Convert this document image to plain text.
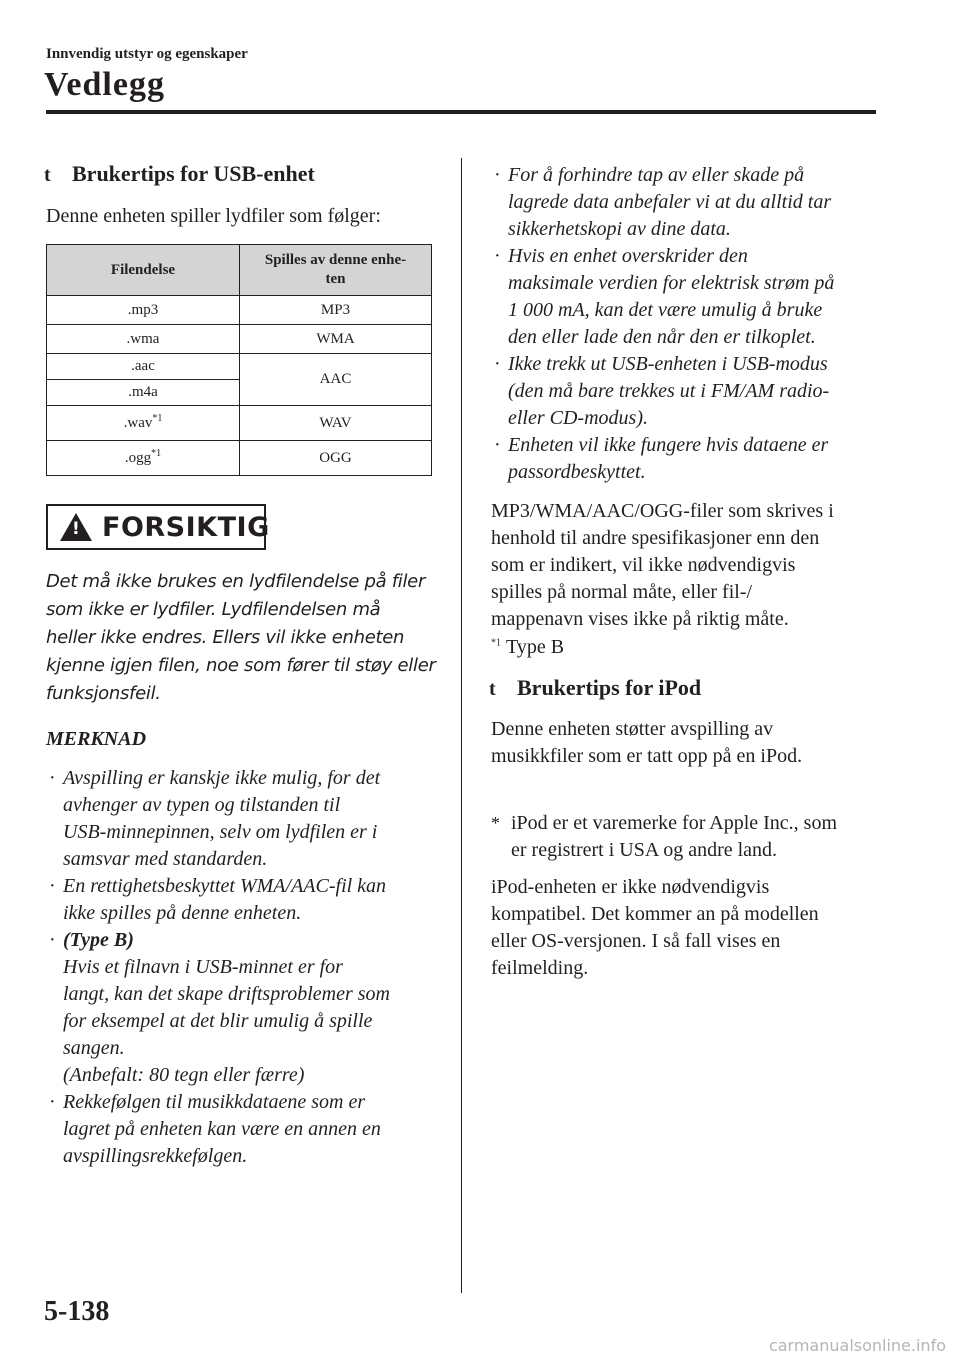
Innvendig utstyr og egenskaper
Vedlegg
t Brukertips for USB-enhet
Denne enheten spiller lydfiler som følger:
Filendelse	Spilles av denne enhe-
ten
.mp3	MP3
.wma	WMA
.aac	AAC
.m4a	
.wav$^{*1}$	WAV
.ogg$^{*1}$	OGG
! FORSIKTIG
Det må ikke brukes en lydfilendelse på filer
som ikke er lydfiler. Lydfilendelsen må
heller ikke endres. Ellers vil ikke enheten
kjenne igjen filen, noe som fører til støy eller
funksjonsfeil.
MERKNAD
· Avspilling er kanskje ikke mulig, for det
avhenger av typen og tilstanden til
USB-minnepinnen, selv om lydfilen er i
samsvar med standarden.
· En rettighetsbeskyttet WMA/AAC-fil kan
ikke spilles på denne enheten.
· (Type B)
Hvis et filnavn i USB-minnet er for
langt, kan det skape driftsproblemer som
for eksempel at det blir umulig å spille
sangen.
(Anbefalt: 80 tegn eller færre)
· Rekkefølgen til musikkdataene som er
lagret på enheten kan være en annen en
avspillingsrekkefølgen.
· For å forhindre tap av eller skade på
lagrede data anbefaler vi at du alltid tar
sikkerhetskopi av dine data.
· Hvis en enhet overskrider den
maksimale verdien for elektrisk strøm på
1 000 mA, kan det være umulig å bruke
den eller lade den når den er tilkoplet.
· Ikke trekk ut USB-enheten i USB-modus
(den må bare trekkes ut i FM/AM radio-
eller CD-modus).
· Enheten vil ikke fungere hvis dataene er
passordbeskyttet.
MP3/WMA/AAC/OGG-filer som skrives i
henhold til andre spesifikasjoner enn den
som er indikert, vil ikke nødvendigvis
spilles på normal måte, eller fil-/
mappenavn vises ikke på riktig måte.
$^{*1}$ Type B
t Brukertips for iPod
Denne enheten støtter avspilling av
musikkfiler som er tatt opp på en iPod.
* iPod er et varemerke for Apple Inc., som
er registrert i USA og andre land.
iPod-enheten er ikke nødvendigvis
kompatibel. Det kommer an på modellen
eller OS-versjonen. I så fall vises en
feilmelding.
5-138
carmanualsonline.info
